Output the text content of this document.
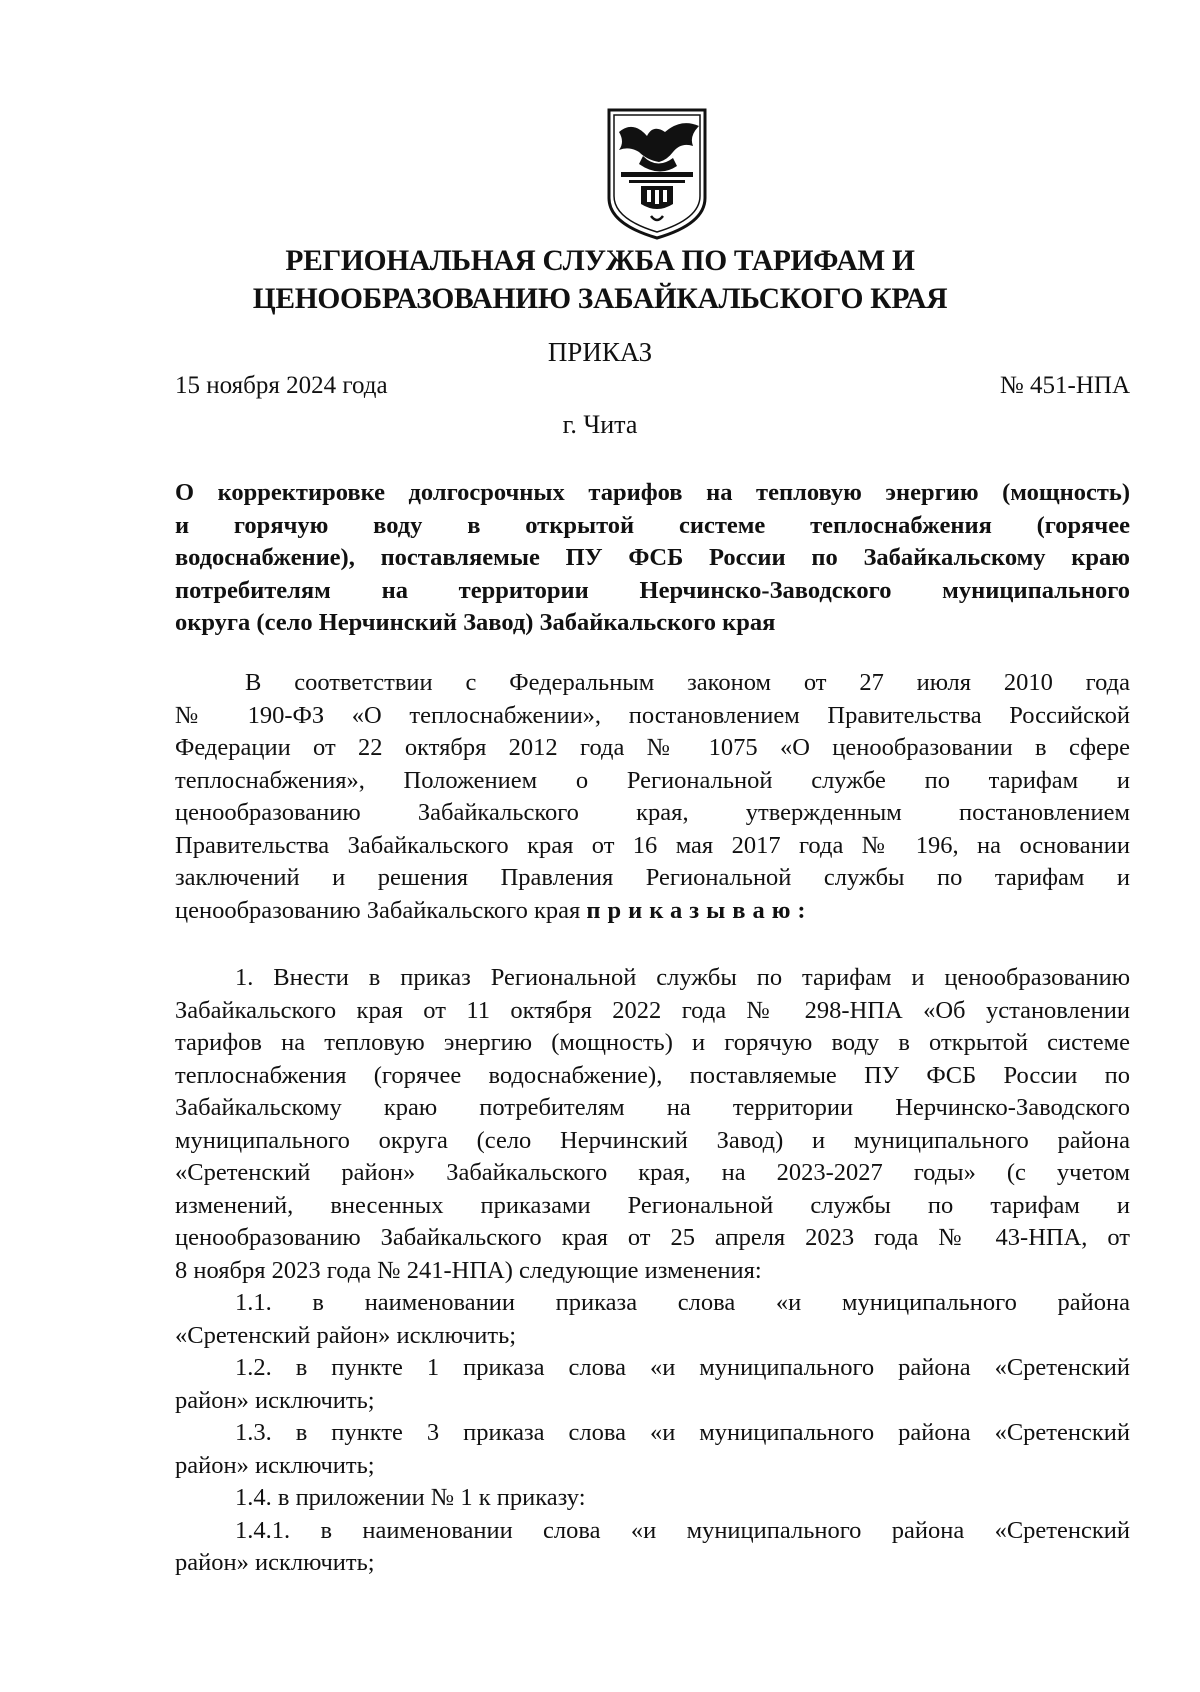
РЕГИОНАЛЬНАЯ СЛУЖБА ПО ТАРИФАМ И
ЦЕНООБРАЗОВАНИЮ ЗАБАЙКАЛЬСКОГО КРАЯ
ПРИКАЗ
15 ноября 2024 года	№ 451-НПА
г. Чита
О корректировке долгосрочных тарифов на тепловую энергию (мощность)
и горячую воду в открытой системе теплоснабжения (горячее
водоснабжение), поставляемые ПУ ФСБ России по Забайкальскому краю
потребителям на территории Нерчинско-Заводского муниципального
округа (село Нерчинский Завод) Забайкальского края
В соответствии с Федеральным законом от 27 июля 2010 года
№ 190-ФЗ «О теплоснабжении», постановлением Правительства Российской
Федерации от 22 октября 2012 года № 1075 «О ценообразовании в сфере
теплоснабжения», Положением о Региональной службе по тарифам и
ценообразованию Забайкальского края, утвержденным постановлением
Правительства Забайкальского края от 16 мая 2017 года № 196, на основании
заключений и решения Правления Региональной службы по тарифам и
ценообразованию Забайкальского края приказываю:
1. Внести в приказ Региональной службы по тарифам и ценообразованию
Забайкальского края от 11 октября 2022 года № 298-НПА «Об установлении
тарифов на тепловую энергию (мощность) и горячую воду в открытой системе
теплоснабжения (горячее водоснабжение), поставляемые ПУ ФСБ России по
Забайкальскому краю потребителям на территории Нерчинско-Заводского
муниципального округа (село Нерчинский Завод) и муниципального района
«Сретенский район» Забайкальского края, на 2023-2027 годы» (с учетом
изменений, внесенных приказами Региональной службы по тарифам и
ценообразованию Забайкальского края от 25 апреля 2023 года № 43-НПА, от
8 ноября 2023 года № 241-НПА) следующие изменения:
1.1. в наименовании приказа слова «и муниципального района
«Сретенский район» исключить;
1.2. в пункте 1 приказа слова «и муниципального района «Сретенский
район» исключить;
1.3. в пункте 3 приказа слова «и муниципального района «Сретенский
район» исключить;
1.4. в приложении № 1 к приказу:
1.4.1. в наименовании слова «и муниципального района «Сретенский
район» исключить;
